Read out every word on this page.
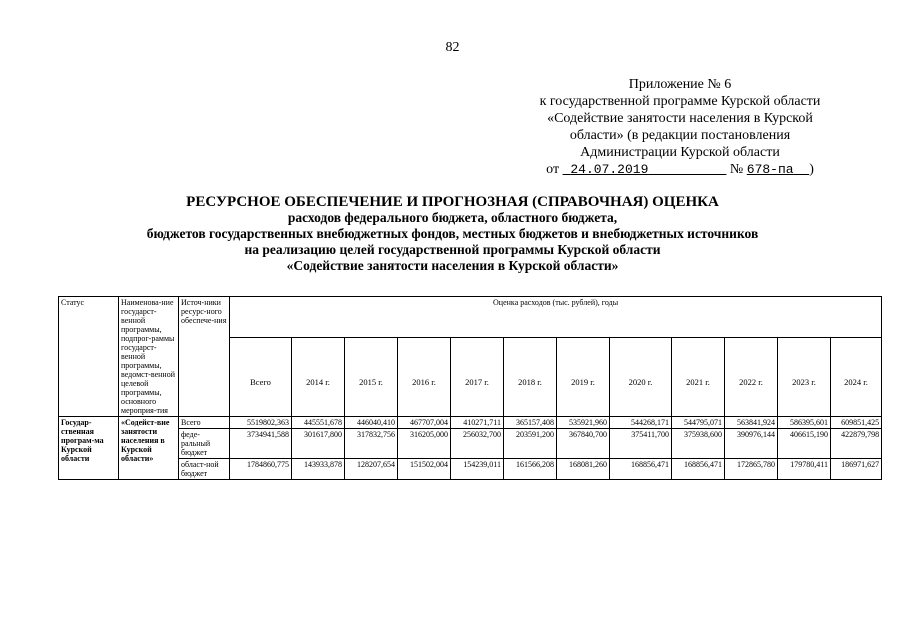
82
Приложение № 6
к государственной программе Курской области
«Содействие занятости населения в Курской
области» (в редакции постановления
Администрации Курской области
от 24.07.2019	№ 678-па )
РЕСУРСНОЕ ОБЕСПЕЧЕНИЕ И ПРОГНОЗНАЯ (СПРАВОЧНАЯ) ОЦЕНКА
расходов федерального бюджета, областного бюджета,
бюджетов государственных внебюджетных фондов, местных бюджетов и внебюджетных источников
на реализацию целей государственной программы Курской области
«Содействие занятости населения в Курской области»
Статус	Наименова-ние государст-венной программы, подпрог-раммы государст-венной программы, ведомст-венной целевой программы, основного мероприя-тия	Источ-ники ресурс-ного обеспече-ния	Оценка расходов (тыс. рублей), годы											
			Всего	2014 г.	2015 г.	2016 г.	2017 г.	2018 г.	2019 г.	2020 г.	2021 г.	2022 г.	2023 г.	2024 г.
Государ-ственная програм-ма Курской области	«Содейст-вие занятости населения в Курской области»	Всего	5519802,363	445551,678	446040,410	467707,004	410271,711	365157,408	535921,960	544268,171	544795,071	563841,924	586395,601	609851,425
		феде-ральный бюджет	3734941,588	301617,800	317832,756	316205,000	256032,700	203591,200	367840,700	375411,700	375938,600	390976,144	406615,190	422879,798
		област-ной бюджет	1784860,775	143933,878	128207,654	151502,004	154239,011	161566,208	168081,260	168856,471	168856,471	172865,780	179780,411	186971,627
